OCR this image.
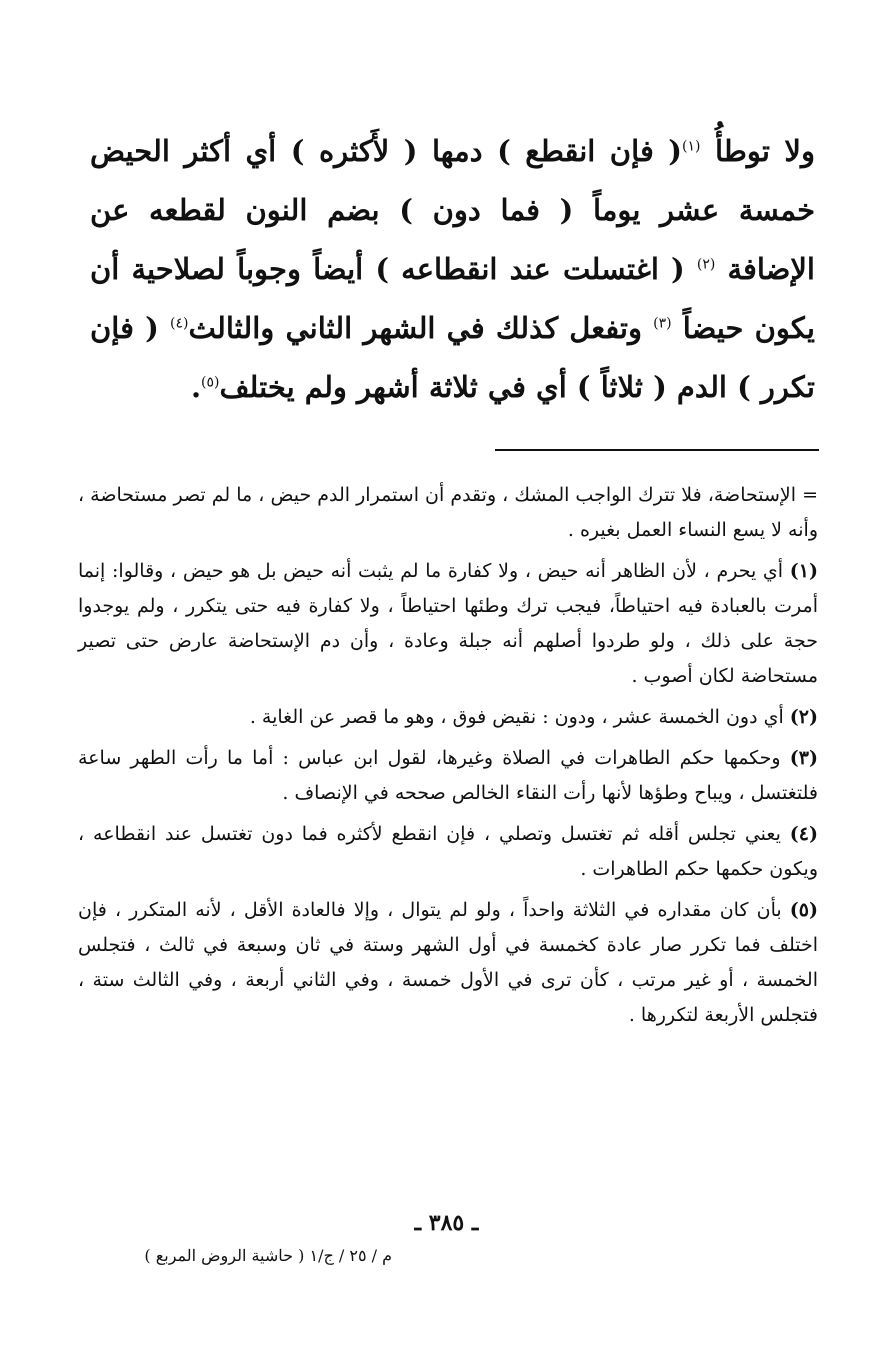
ولا توطأُ $^{(١)}$( فإن انقطع ) دمها ( لأَكثره ) أي أكثر الحيض خمسة عشر يوماً ( فما دون ) بضم النون لقطعه عن الإضافة $^{(٢)}$ ( اغتسلت عند انقطاعه ) أيضاً وجوباً لصلاحية أن يكون حيضاً $^{(٣)}$ وتفعل كذلك في الشهر الثاني والثالث$^{(٤)}$ ( فإن تكرر ) الدم ( ثلاثاً ) أي في ثلاثة أشهر ولم يختلف$^{(٥)}$.

= الإستحاضة، فلا تترك الواجب المشك ، وتقدم أن استمرار الدم حيض ، ما لم تصر مستحاضة ، وأنه لا يسع النساء العمل بغيره .

(١) أي يحرم ، لأن الظاهر أنه حيض ، ولا كفارة ما لم يثبت أنه حيض بل هو حيض ، وقالوا: إنما أمرت بالعبادة فيه احتياطاً، فيجب ترك وطئها احتياطاً ، ولا كفارة فيه حتى يتكرر ، ولم يوجدوا حجة على ذلك ، ولو طردوا أصلهم أنه جبلة وعادة ، وأن دم الإستحاضة عارض حتى تصير مستحاضة لكان أصوب .

(٢) أي دون الخمسة عشر ، ودون : نقيض فوق ، وهو ما قصر عن الغاية .

(٣) وحكمها حكم الطاهرات في الصلاة وغيرها، لقول ابن عباس : أما ما رأت الطهر ساعة فلتغتسل ، ويباح وطؤها لأنها رأت النقاء الخالص صححه في الإنصاف .

(٤) يعني تجلس أقله ثم تغتسل وتصلي ، فإن انقطع لأكثره فما دون تغتسل عند انقطاعه ، ويكون حكمها حكم الطاهرات .

(٥) بأن كان مقداره في الثلاثة واحداً ، ولو لم يتوال ، وإلا فالعادة الأقل ، لأنه المتكرر ، فإن اختلف فما تكرر صار عادة كخمسة في أول الشهر وستة في ثان وسبعة في ثالث ، فتجلس الخمسة ، أو غير مرتب ، كأن ترى في الأول خمسة ، وفي الثاني أربعة ، وفي الثالث ستة ، فتجلس الأربعة لتكررها .

ـ ٣٨٥ ـ
م / ٢٥ / ج/١ ( حاشية الروض المربع )
